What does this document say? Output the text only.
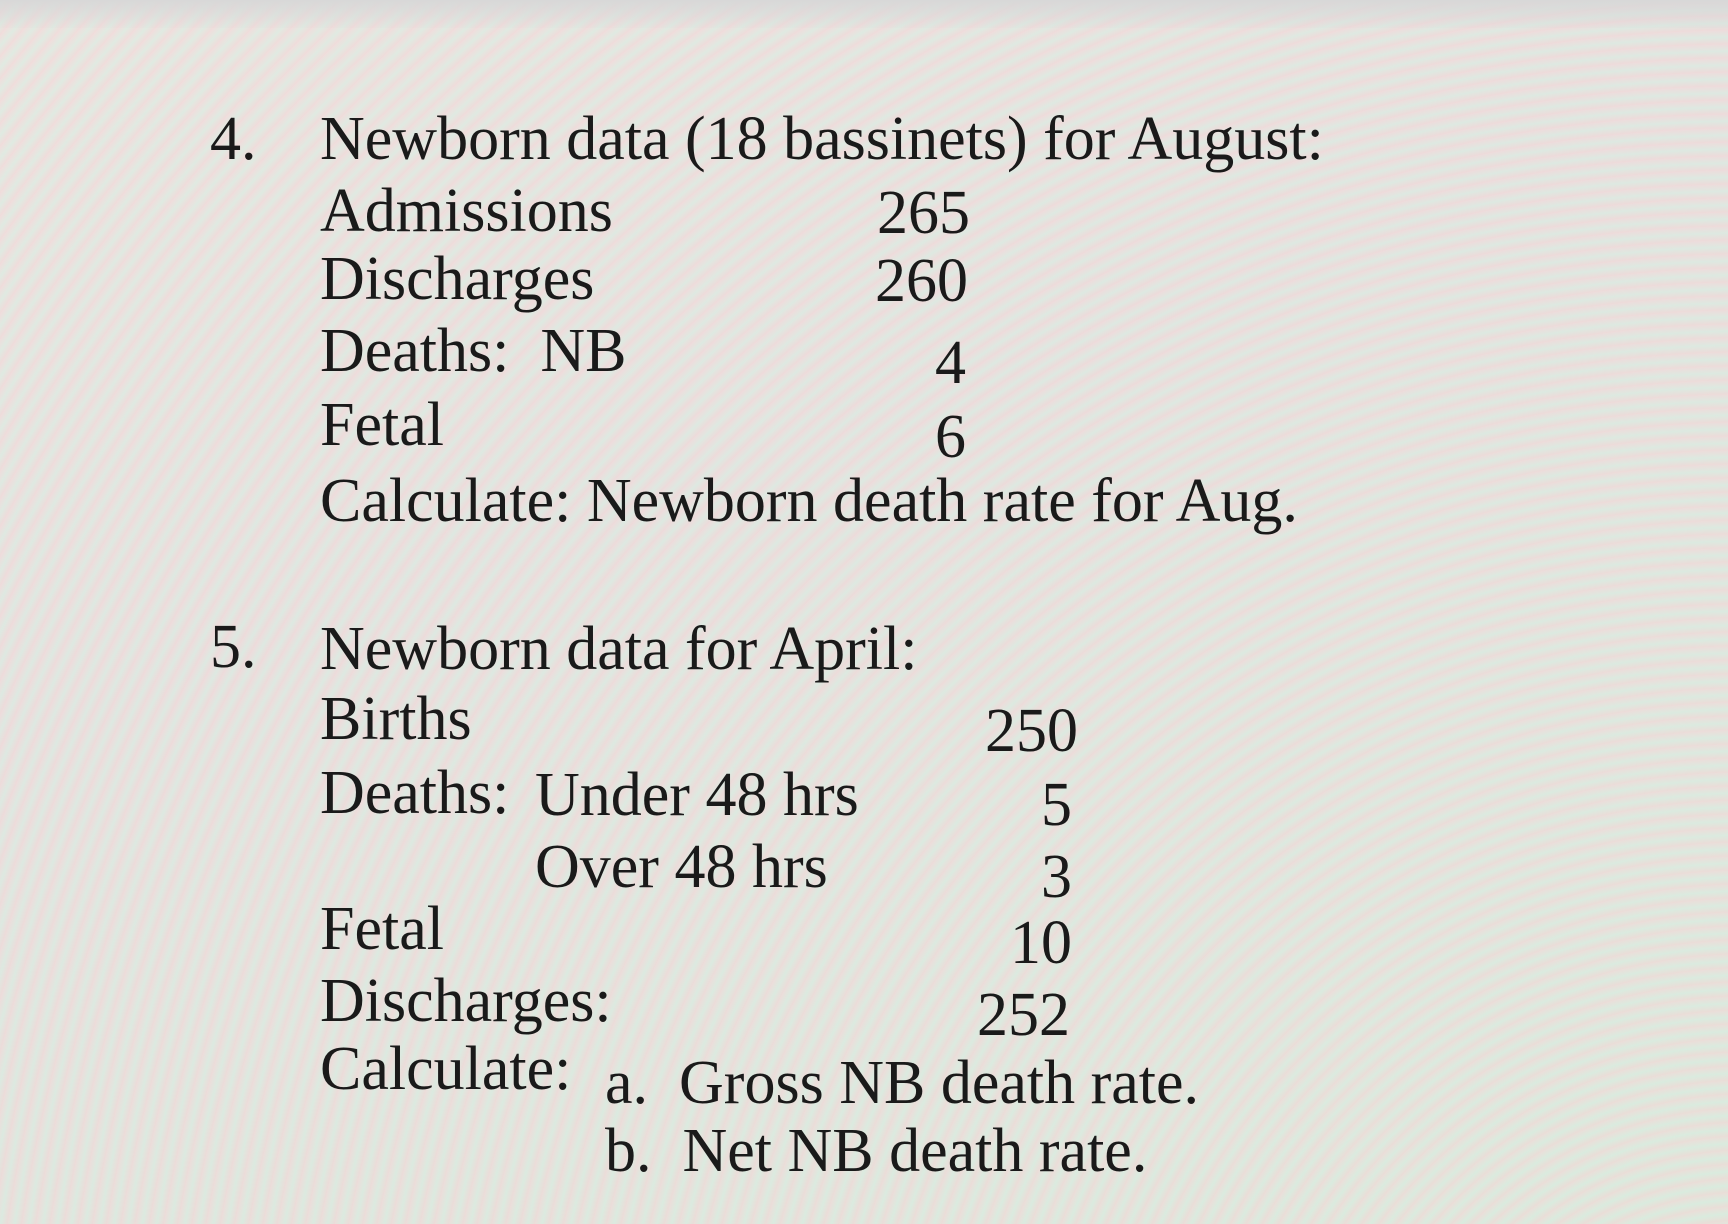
4. Newborn data (18 bassinets) for August:
Admissions	265
Discharges	260
Deaths:  NB	4
Fetal	6
Calculate: Newborn death rate for Aug.
5. Newborn data for April:
Births	250
Deaths: Under 48 hrs	5
Over 48 hrs	3
Fetal	10
Discharges:	252
Calculate: a.  Gross NB death rate.
b.  Net NB death rate.
